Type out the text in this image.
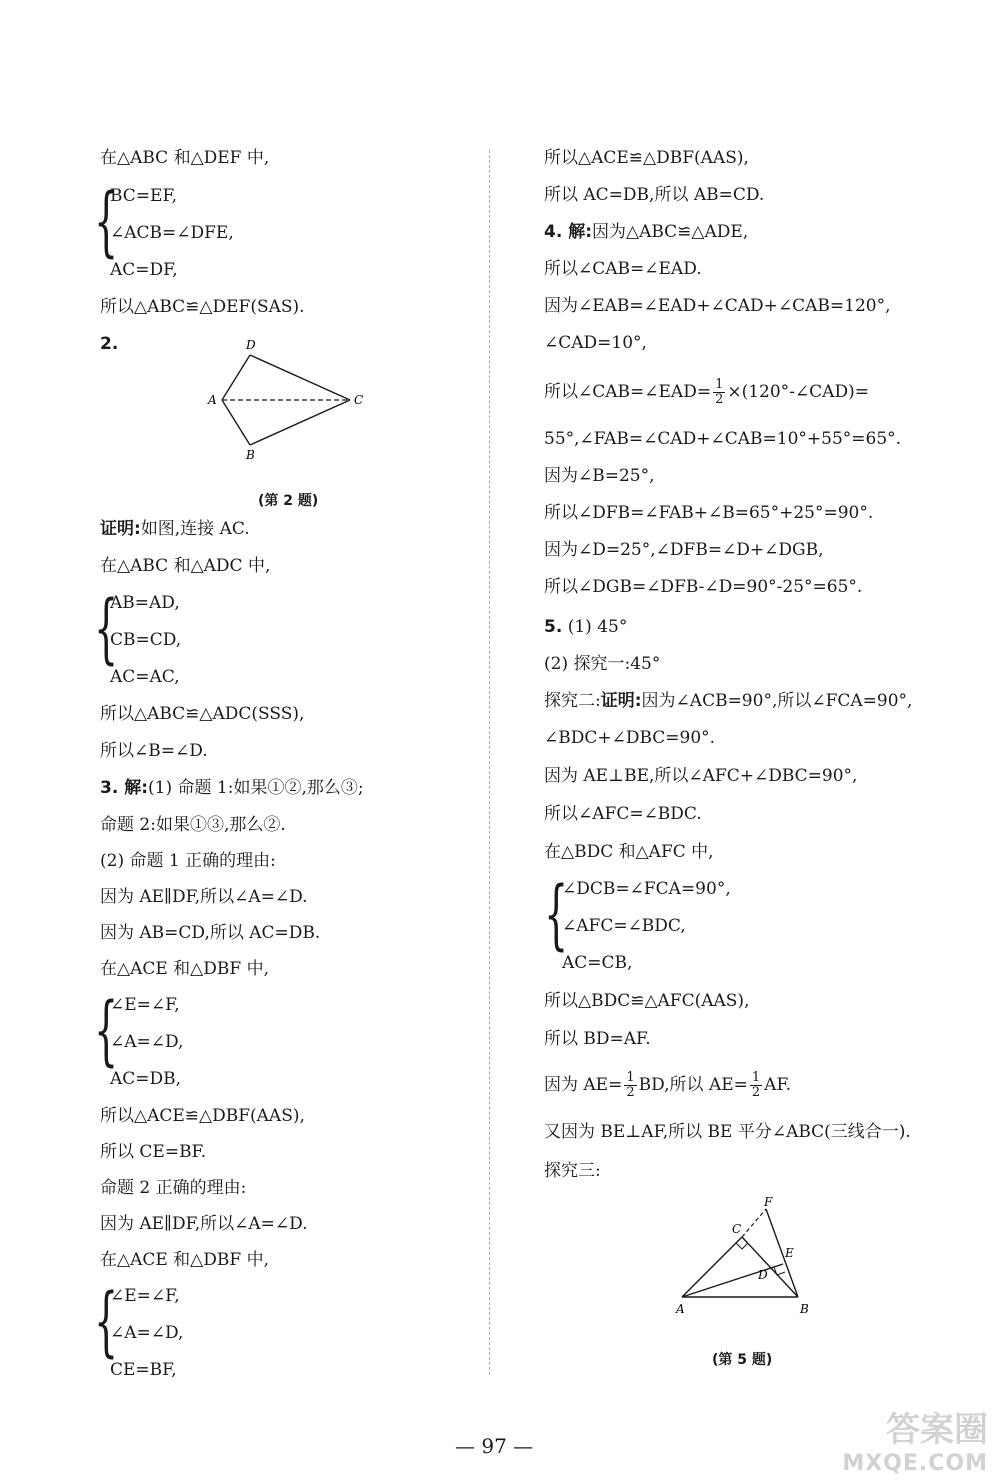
在△ABC 和△DEF 中,
{
BC=EF,
∠ACB=∠DFE,
AC=DF,
所以△ABC≌△DEF(SAS).
2.	D
A	C
B
(第 2 题)
证明:如图,连接 AC.
在△ABC 和△ADC 中,
{
AB=AD,
CB=CD,
AC=AC,
所以△ABC≌△ADC(SSS),
所以∠B=∠D.
3. 解:(1) 命题 1:如果①②,那么③;
命题 2:如果①③,那么②.
(2) 命题 1 正确的理由:
因为 AE∥DF,所以∠A=∠D.
因为 AB=CD,所以 AC=DB.
在△ACE 和△DBF 中,
{
∠E=∠F,
∠A=∠D,
AC=DB,
所以△ACE≌△DBF(AAS),
所以 CE=BF.
命题 2 正确的理由:
因为 AE∥DF,所以∠A=∠D.
在△ACE 和△DBF 中,
{
∠E=∠F,
∠A=∠D,
CE=BF,
所以△ACE≌△DBF(AAS),
所以 AC=DB,所以 AB=CD.
4. 解:因为△ABC≌△ADE,
所以∠CAB=∠EAD.
因为∠EAB=∠EAD+∠CAD+∠CAB=120°,
∠CAD=10°,
所以∠CAB=∠EAD= $\frac{1}{2}$ ×(120°-∠CAD)=
55°,∠FAB=∠CAD+∠CAB=10°+55°=65°.
因为∠B=25°,
所以∠DFB=∠FAB+∠B=65°+25°=90°.
因为∠D=25°,∠DFB=∠D+∠DGB,
所以∠DGB=∠DFB-∠D=90°-25°=65°.
5. (1) 45°
(2) 探究一:45°
探究二:证明:因为∠ACB=90°,所以∠FCA=90°,
∠BDC+∠DBC=90°.
因为 AE⊥BE,所以∠AFC+∠DBC=90°,
所以∠AFC=∠BDC.
在△BDC 和△AFC 中,
{
∠DCB=∠FCA=90°,
∠AFC=∠BDC,
AC=CB,
所以△BDC≌△AFC(AAS),
所以 BD=AF.
因为 $AE= \frac{1}{2}$ BD,所以 $AE= \frac{1}{2}$ AF.
又因为 BE⊥AF,所以 BE 平分∠ABC(三线合一).
探究三:
F
C
E
D
A	B
(第 5 题)
— 97 —	答案圈
MXQE.COM
